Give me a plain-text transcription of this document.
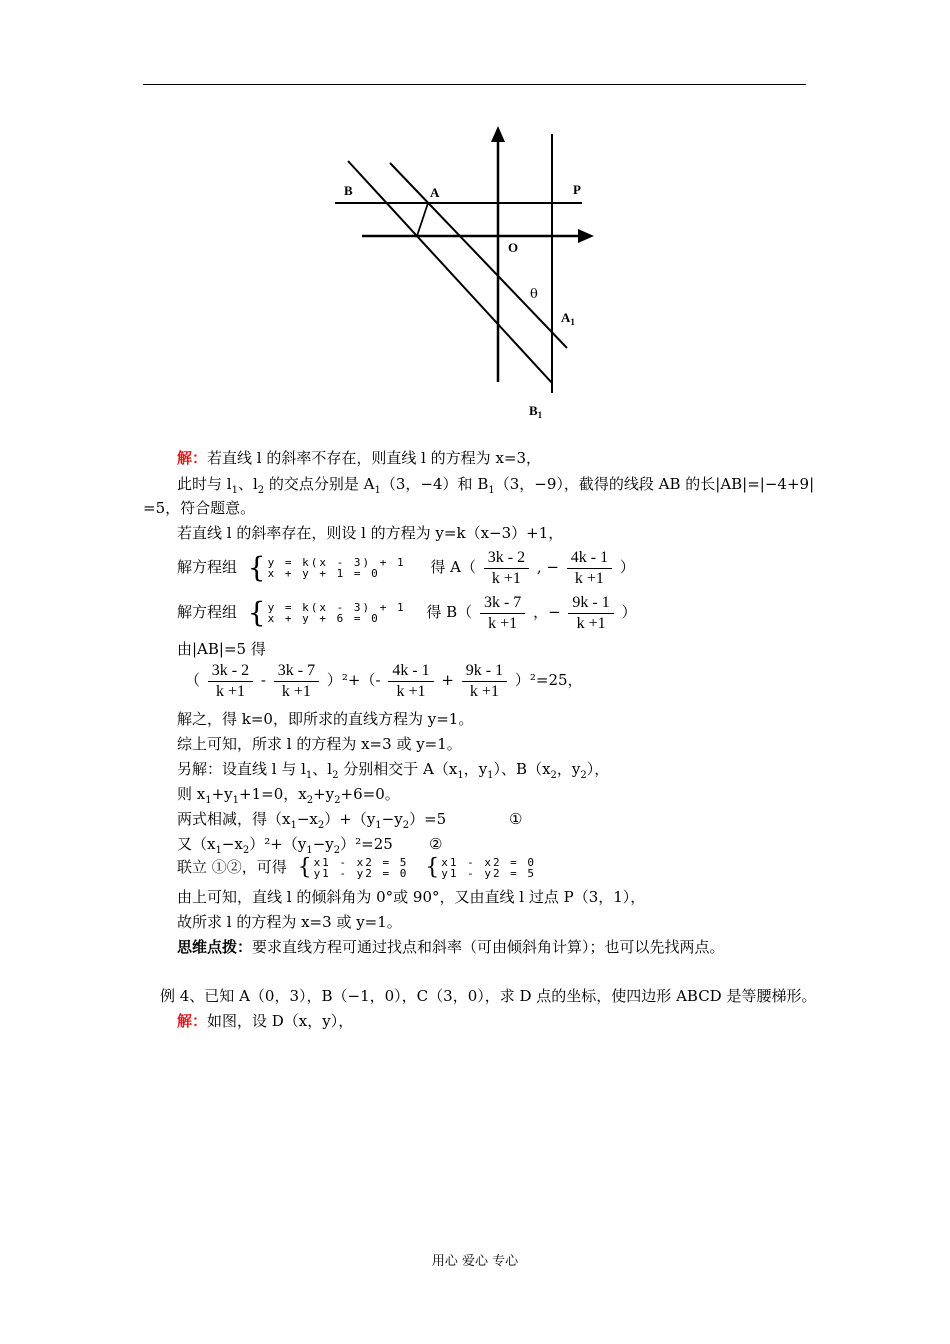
B	A	P
O
θ
$A_1$
$B_1$
解：若直线 l 的斜率不存在，则直线 l 的方程为 x=3，
此时与 $l_1$、$l_2$ 的交点分别是 $A_1(3$，−4）和 $B_1(3$，−9），截得的线段 AB 的长|AB|=|−4+9|
=5，符合题意。
若直线 l 的斜率存在，则设 l 的方程为 y=k（x−3）+1，
解方程组 { y = k(x - 3) + 1
x + y + 1 = 0	得 $A( \frac{3k - 2}{k +1}$ , − $\frac{4k - 1}{k +1}$ ）
解方程组 { y = k(x - 3) + 1
x + y + 6 = 0	得 $B( \frac{3k - 7}{k +1}$ ，− $\frac{9k - 1}{k +1}$ ）
由|AB|=5 得
（ $\frac{3k - 2}{k +1} - \frac{3k - 7}{k +1} )^2+(- \frac{4k - 1}{k +1} + \frac{9k - 1}{k +1} )^2=25$，
解之，得 k=0，即所求的直线方程为 y=1。
综上可知，所求 l 的方程为 x=3 或 y=1。
另解：设直线 l 与 $l_1$、$l_2$ 分别相交于 $A(x_1$，$y_1$）、$B(x_2$，$y_2$），
则 $x_1+y_1+1=0$，$x_2+y_2+6=0$。
两式相减，得$(x_1-x_2)+(y_1-y_2)=5$	①
又$(x_1-x_2)^2+(y_1-y_2)^2=25$ ②
联立 ①②，可得 { x1 - x2 = 5
y1 - y2 = 0
{ x1 - x2 = 0
y1 - y2 = 5
由上可知，直线 l 的倾斜角为 0°或 90°，又由直线 l 过点 P（3，1），
故所求 l 的方程为 x=3 或 y=1。
思维点拨：要求直线方程可通过找点和斜率（可由倾斜角计算）；也可以先找两点。
例 4、已知 A（0，3），B（−1，0），C（3，0），求 D 点的坐标，使四边形 ABCD 是等腰梯形。
解：如图，设 D（x，y），
用心 爱心 专心
